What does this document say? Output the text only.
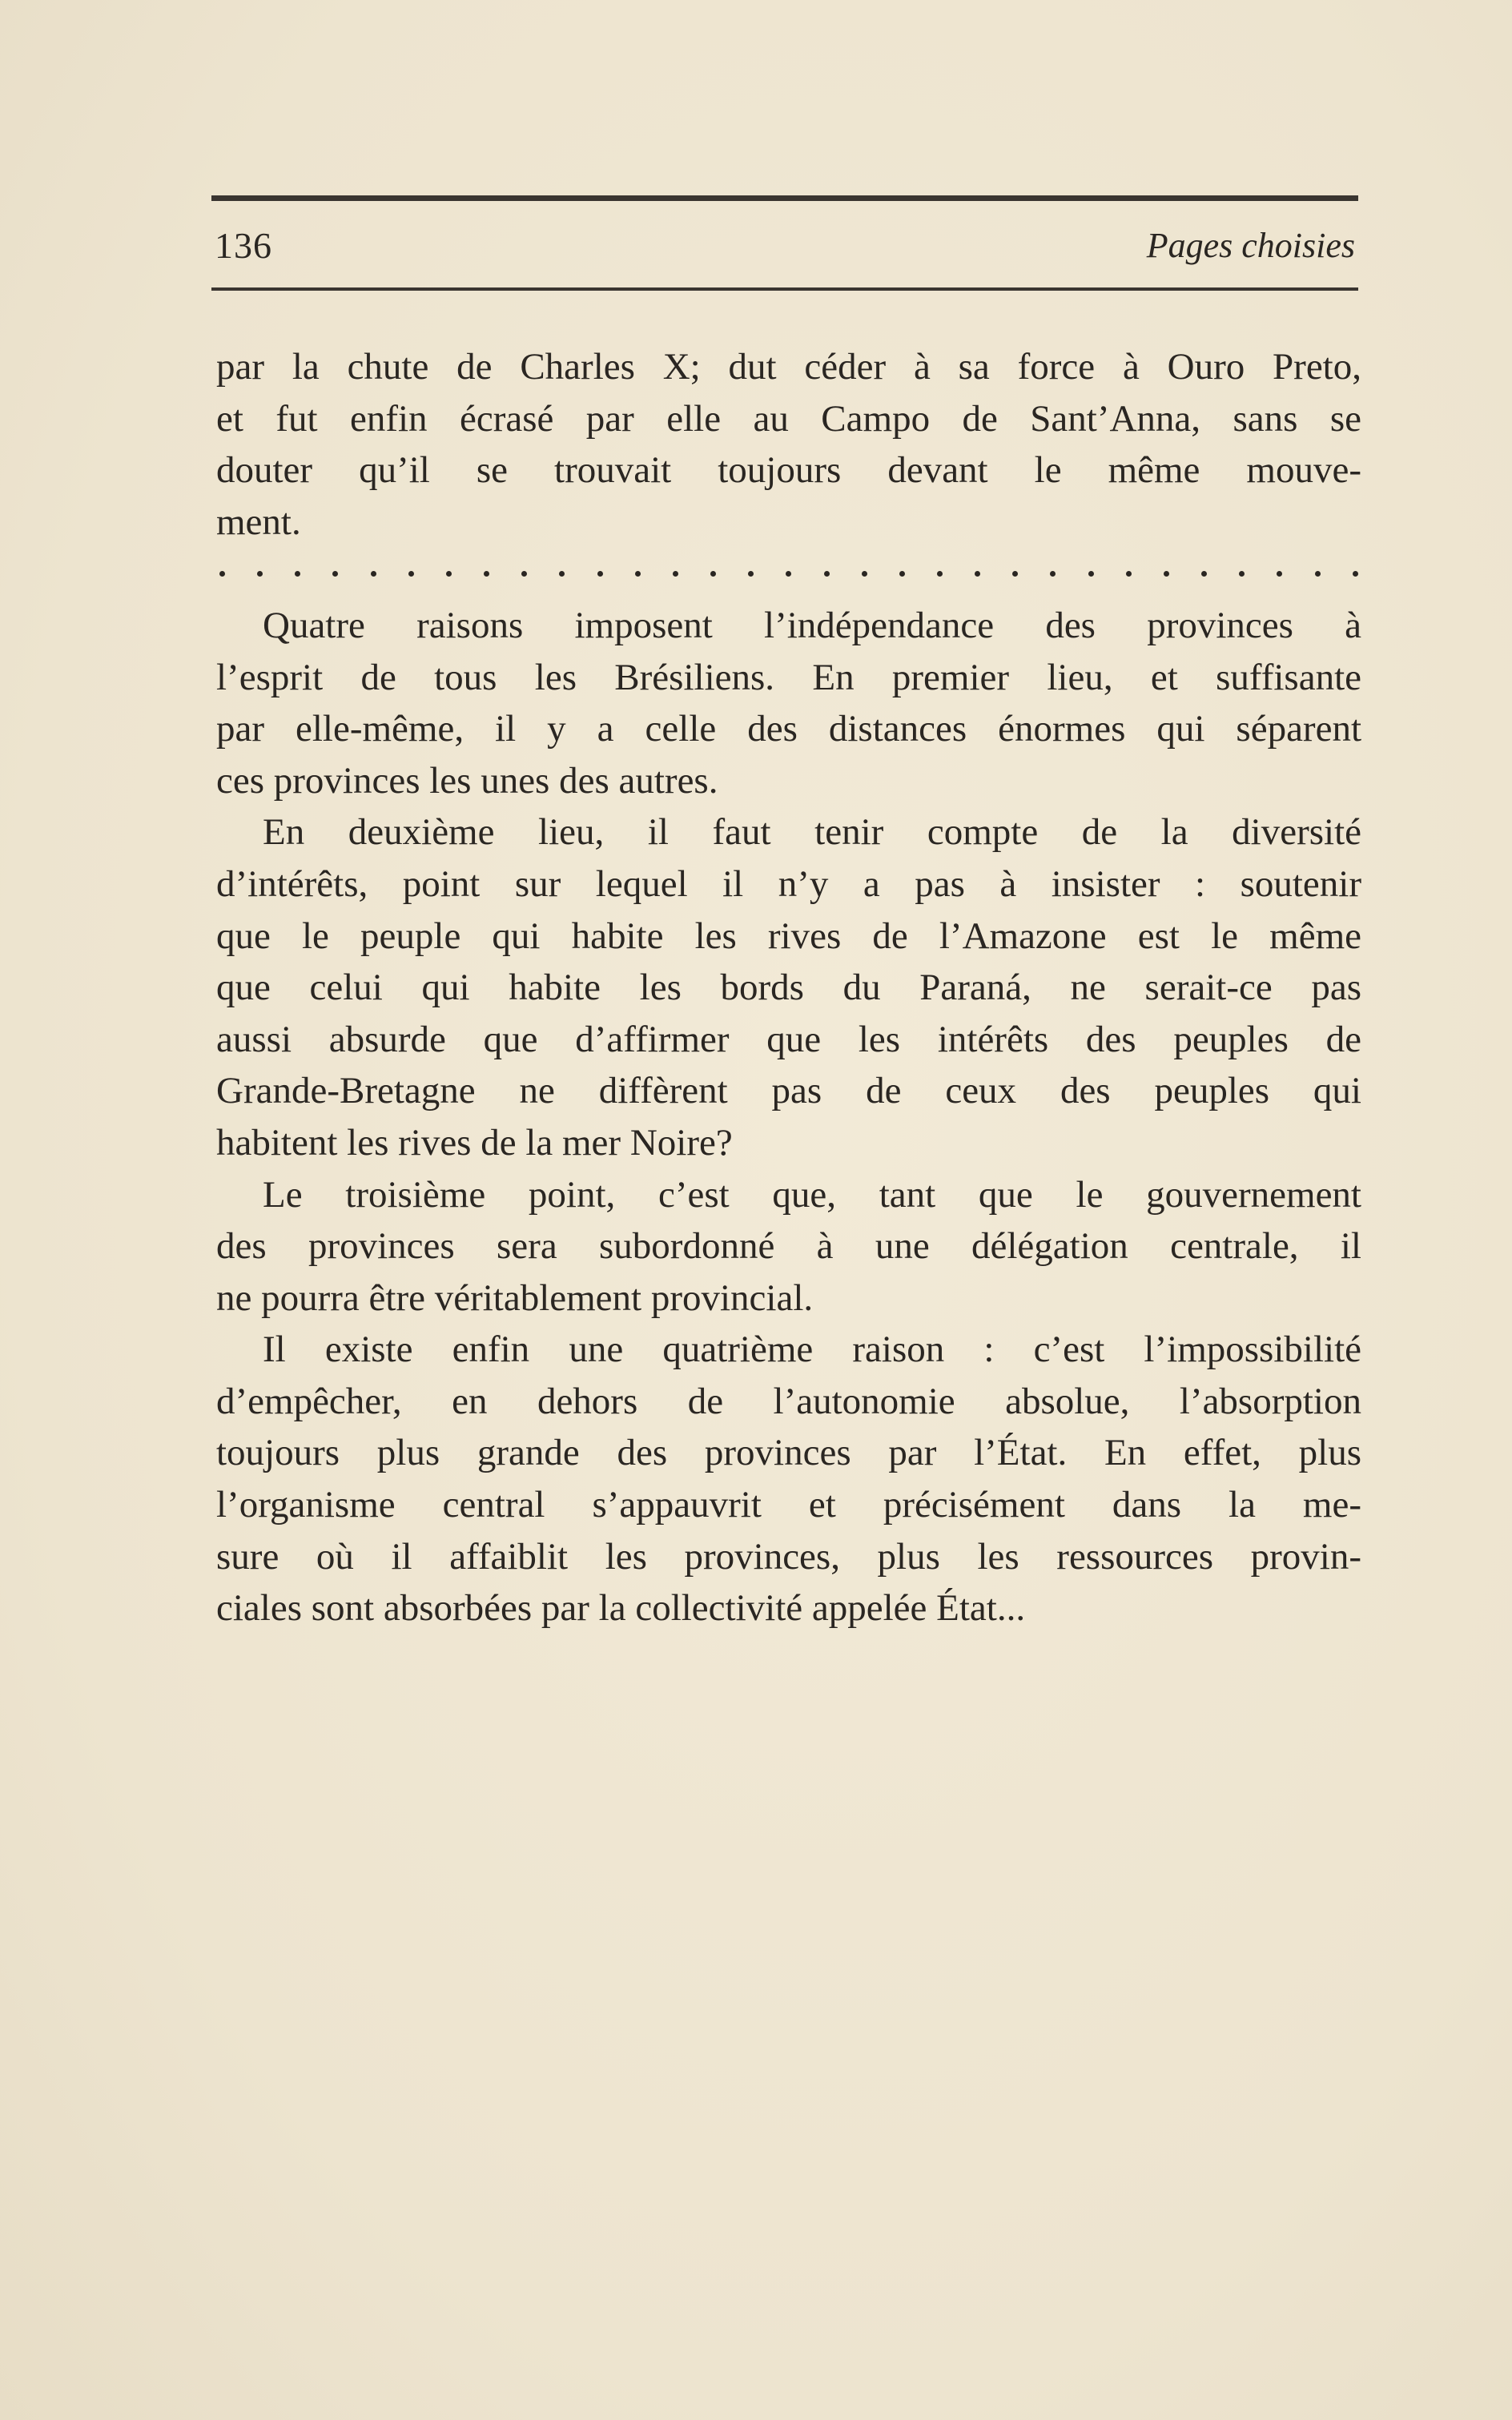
136	Pages choisies

par la chute de Charles X; dut céder à sa force à Ouro Preto,

et fut enfin écrasé par elle au Campo de Sant’Anna, sans se

douter qu’il se trouvait toujours devant le même mouve-

ment.

Quatre raisons imposent l’indépendance des provinces à

l’esprit de tous les Brésiliens. En premier lieu, et suffisante

par elle-même, il y a celle des distances énormes qui séparent

ces provinces les unes des autres.

En deuxième lieu, il faut tenir compte de la diversité

d’intérêts, point sur lequel il n’y a pas à insister : soutenir

que le peuple qui habite les rives de l’Amazone est le même

que celui qui habite les bords du Paraná, ne serait-ce pas

aussi absurde que d’affirmer que les intérêts des peuples de

Grande-Bretagne ne diffèrent pas de ceux des peuples qui

habitent les rives de la mer Noire?

Le troisième point, c’est que, tant que le gouvernement

des provinces sera subordonné à une délégation centrale, il

ne pourra être véritablement provincial.

Il existe enfin une quatrième raison : c’est l’impossibilité

d’empêcher, en dehors de l’autonomie absolue, l’absorption

toujours plus grande des provinces par l’État. En effet, plus

l’organisme central s’appauvrit et précisément dans la me-

sure où il affaiblit les provinces, plus les ressources provin-

ciales sont absorbées par la collectivité appelée État...
